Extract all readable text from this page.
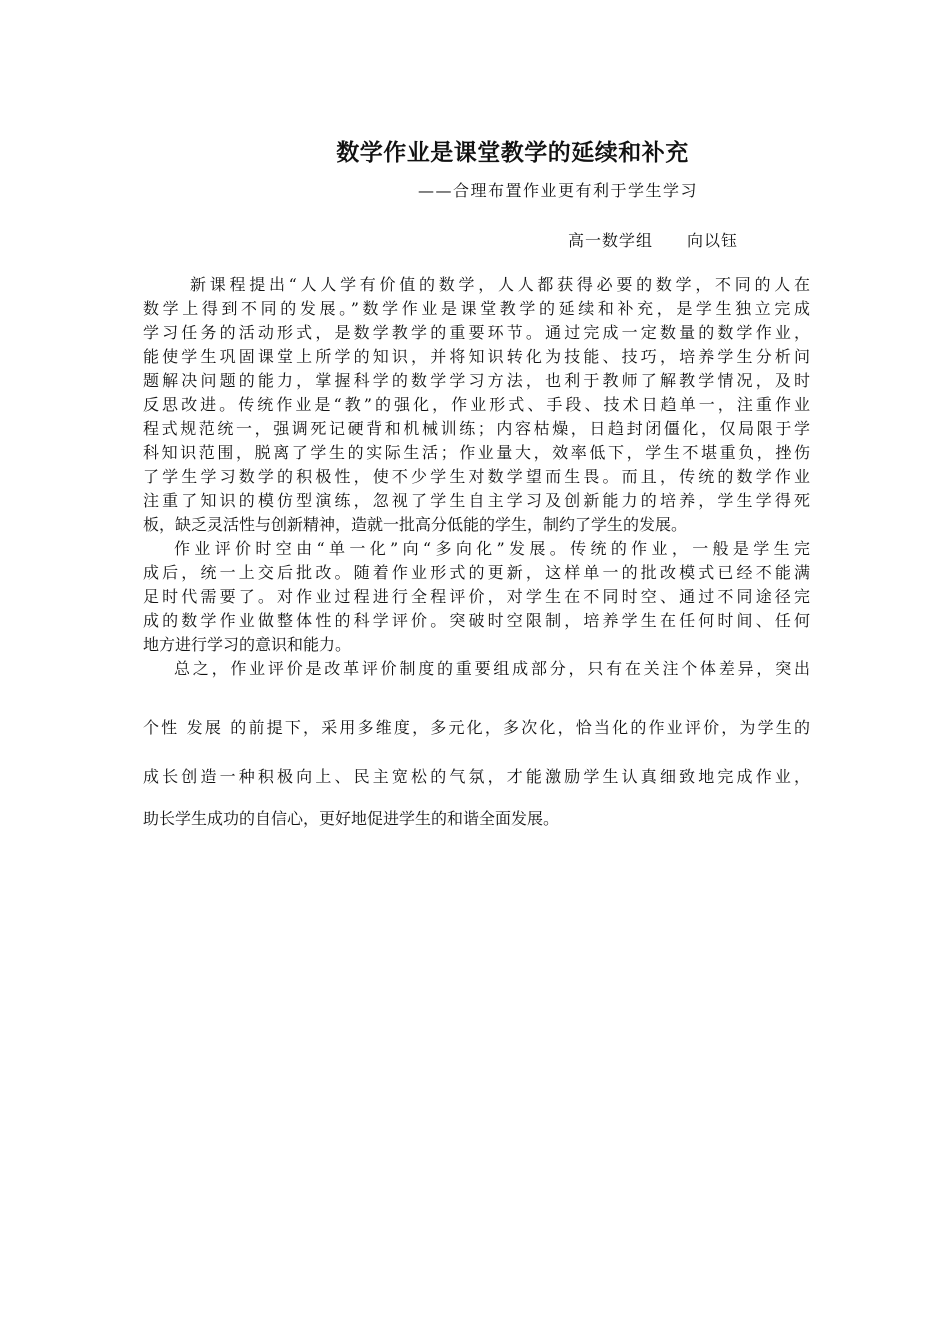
数学作业是课堂教学的延续和补充
——合理布置作业更有利于学生学习
高一数学组　　向以钰
新课程提出“人人学有价值的数学，人人都获得必要的数学，不同的人在
数学上得到不同的发展。”数学作业是课堂教学的延续和补充，是学生独立完成
学习任务的活动形式，是数学教学的重要环节。通过完成一定数量的数学作业，
能使学生巩固课堂上所学的知识，并将知识转化为技能、技巧，培养学生分析问
题解决问题的能力，掌握科学的数学学习方法，也利于教师了解教学情况，及时
反思改进。传统作业是“教”的强化，作业形式、手段、技术日趋单一，注重作业
程式规范统一，强调死记硬背和机械训练；内容枯燥，日趋封闭僵化，仅局限于学
科知识范围，脱离了学生的实际生活；作业量大，效率低下，学生不堪重负，挫伤
了学生学习数学的积极性，使不少学生对数学望而生畏。而且，传统的数学作业
注重了知识的模仿型演练，忽视了学生自主学习及创新能力的培养，学生学得死
板，缺乏灵活性与创新精神，造就一批高分低能的学生，制约了学生的发展。
作业评价时空由“单一化”向“多向化”发展。传统的作业，一般是学生完
成后，统一上交后批改。随着作业形式的更新，这样单一的批改模式已经不能满
足时代需要了。对作业过程进行全程评价，对学生在不同时空、通过不同途径完
成的数学作业做整体性的科学评价。突破时空限制，培养学生在任何时间、任何
地方进行学习的意识和能力。
总之，作业评价是改革评价制度的重要组成部分，只有在关注个体差异，突出
个性 发展 的前提下，采用多维度，多元化，多次化，恰当化的作业评价，为学生的
成长创造一种积极向上、民主宽松的气氛，才能激励学生认真细致地完成作业，
助长学生成功的自信心，更好地促进学生的和谐全面发展。
